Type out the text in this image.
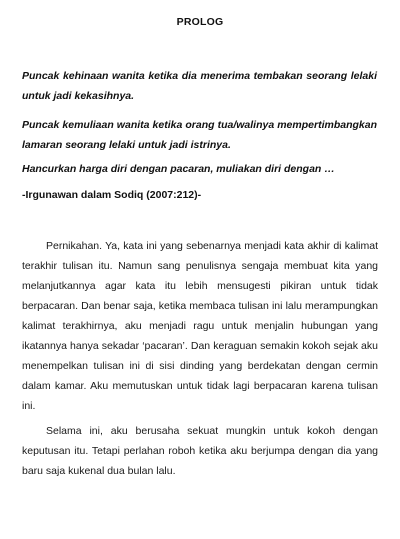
PROLOG
Puncak kehinaan wanita ketika dia menerima tembakan seorang lelaki untuk jadi kekasihnya.
Puncak kemuliaan wanita ketika orang tua/walinya mempertimbangkan lamaran seorang lelaki untuk jadi istrinya.
Hancurkan harga diri dengan pacaran, muliakan diri dengan …
-Irgunawan dalam Sodiq (2007:212)-
Pernikahan. Ya, kata ini yang sebenarnya menjadi kata akhir di kalimat terakhir tulisan itu. Namun sang penulisnya sengaja membuat kita yang melanjutkannya agar kata itu lebih mensugesti pikiran untuk tidak berpacaran. Dan benar saja, ketika membaca tulisan ini lalu merampungkan kalimat terakhirnya, aku menjadi ragu untuk menjalin hubungan yang ikatannya hanya sekadar ‘pacaran’. Dan keraguan semakin kokoh sejak aku menempelkan tulisan ini di sisi dinding yang berdekatan dengan cermin dalam kamar. Aku memutuskan untuk tidak lagi berpacaran karena tulisan ini.
Selama ini, aku berusaha sekuat mungkin untuk kokoh dengan keputusan itu. Tetapi perlahan roboh ketika aku berjumpa dengan dia yang baru saja kukenal dua bulan lalu.
